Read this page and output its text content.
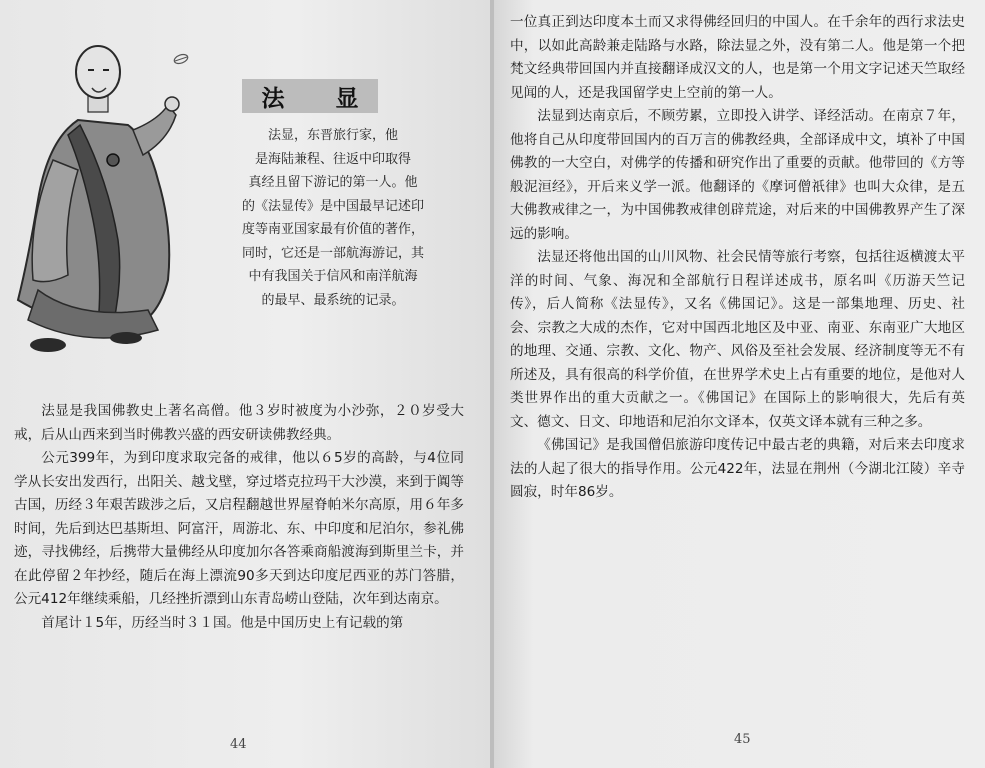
法　显
法显，东晋旅行家，他
是海陆兼程、往返中印取得
真经且留下游记的第一人。他
的《法显传》是中国最早记述印
度等南亚国家最有价值的著作，
同时，它还是一部航海游记，其
中有我国关于信风和南洋航海
的最早、最系统的记录。

法显是我国佛教史上著名高僧。他３岁时被度为小沙弥，２０岁受大戒，后从山西来到当时佛教兴盛的西安研读佛教经典。

公元399年，为到印度求取完备的戒律，他以６5岁的高龄，与4位同学从长安出发西行，出阳关、越戈壁，穿过塔克拉玛干大沙漠，来到于阗等古国，历经３年艰苦跋涉之后，又启程翻越世界屋脊帕米尔高原，用６年多时间，先后到达巴基斯坦、阿富汗，周游北、东、中印度和尼泊尔，参礼佛迹，寻找佛经，后携带大量佛经从印度加尔各答乘商船渡海到斯里兰卡，并在此停留２年抄经，随后在海上漂流90多天到达印度尼西亚的苏门答腊，公元412年继续乘船，几经挫折漂到山东青岛崂山登陆，次年到达南京。

首尾计１5年，历经当时３１国。他是中国历史上有记载的第

44

一位真正到达印度本土而又求得佛经回归的中国人。在千余年的西行求法史中，以如此高龄兼走陆路与水路，除法显之外，没有第二人。他是第一个把梵文经典带回国内并直接翻译成汉文的人，也是第一个用文字记述天竺取经见闻的人，还是我国留学史上空前的第一人。

法显到达南京后，不顾劳累，立即投入讲学、译经活动。在南京７年，他将自己从印度带回国内的百万言的佛教经典，全部译成中文，填补了中国佛教的一大空白，对佛学的传播和研究作出了重要的贡献。他带回的《方等般泥洹经》，开后来义学一派。他翻译的《摩诃僧祇律》也叫大众律，是五大佛教戒律之一，为中国佛教戒律创辟荒途，对后来的中国佛教界产生了深远的影响。

法显还将他出国的山川风物、社会民情等旅行考察，包括往返横渡太平洋的时间、气象、海况和全部航行日程详述成书，原名叫《历游天竺记传》，后人简称《法显传》，又名《佛国记》。这是一部集地理、历史、社会、宗教之大成的杰作，它对中国西北地区及中亚、南亚、东南亚广大地区的地理、交通、宗教、文化、物产、风俗及至社会发展、经济制度等无不有所述及，具有很高的科学价值，在世界学术史上占有重要的地位，是他对人类世界作出的重大贡献之一。《佛国记》在国际上的影响很大，先后有英文、德文、日文、印地语和尼泊尔文译本，仅英文译本就有三种之多。

《佛国记》是我国僧侣旅游印度传记中最古老的典籍，对后来去印度求法的人起了很大的指导作用。公元422年，法显在荆州（今湖北江陵）辛寺圆寂，时年86岁。

45
